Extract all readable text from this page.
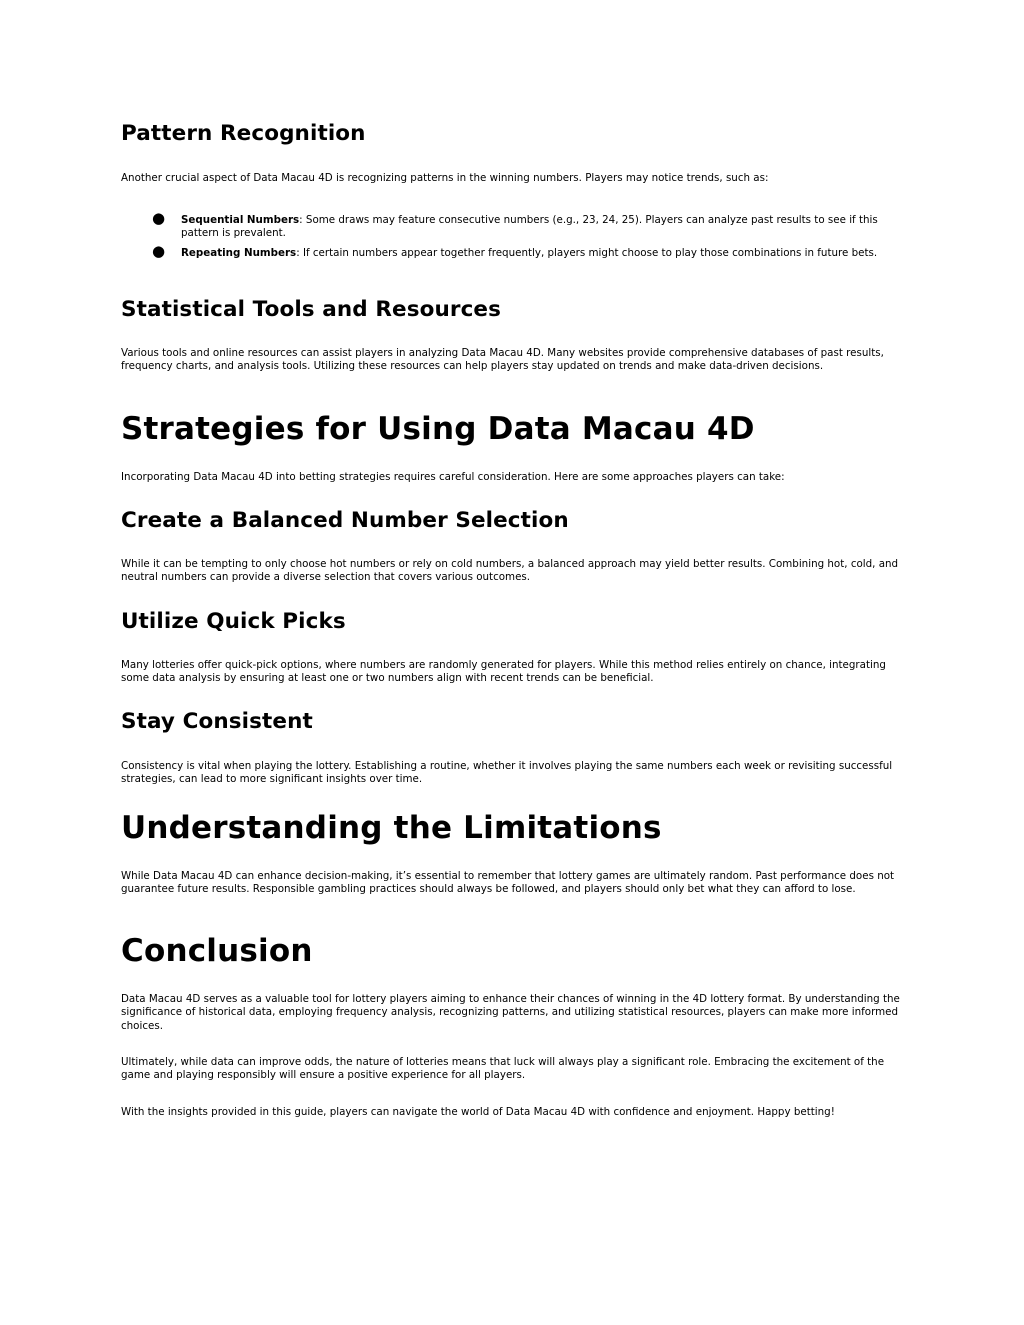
Pattern Recognition

Another crucial aspect of Data Macau 4D is recognizing patterns in the winning numbers. Players may notice trends, such as:

● Sequential Numbers: Some draws may feature consecutive numbers (e.g., 23, 24, 25). Players can analyze past results to see if this pattern is prevalent.
● Repeating Numbers: If certain numbers appear together frequently, players might choose to play those combinations in future bets.
Statistical Tools and Resources

Various tools and online resources can assist players in analyzing Data Macau 4D. Many websites provide comprehensive databases of past results, frequency charts, and analysis tools. Utilizing these resources can help players stay updated on trends and make data-driven decisions.

Strategies for Using Data Macau 4D

Incorporating Data Macau 4D into betting strategies requires careful consideration. Here are some approaches players can take:

Create a Balanced Number Selection

While it can be tempting to only choose hot numbers or rely on cold numbers, a balanced approach may yield better results. Combining hot, cold, and neutral numbers can provide a diverse selection that covers various outcomes.

Utilize Quick Picks

Many lotteries offer quick-pick options, where numbers are randomly generated for players. While this method relies entirely on chance, integrating some data analysis by ensuring at least one or two numbers align with recent trends can be beneficial.

Stay Consistent

Consistency is vital when playing the lottery. Establishing a routine, whether it involves playing the same numbers each week or revisiting successful strategies, can lead to more significant insights over time.

Understanding the Limitations

While Data Macau 4D can enhance decision-making, it’s essential to remember that lottery games are ultimately random. Past performance does not guarantee future results. Responsible gambling practices should always be followed, and players should only bet what they can afford to lose.

Conclusion

Data Macau 4D serves as a valuable tool for lottery players aiming to enhance their chances of winning in the 4D lottery format. By understanding the significance of historical data, employing frequency analysis, recognizing patterns, and utilizing statistical resources, players can make more informed choices.

Ultimately, while data can improve odds, the nature of lotteries means that luck will always play a significant role. Embracing the excitement of the game and playing responsibly will ensure a positive experience for all players.

With the insights provided in this guide, players can navigate the world of Data Macau 4D with confidence and enjoyment. Happy betting!
